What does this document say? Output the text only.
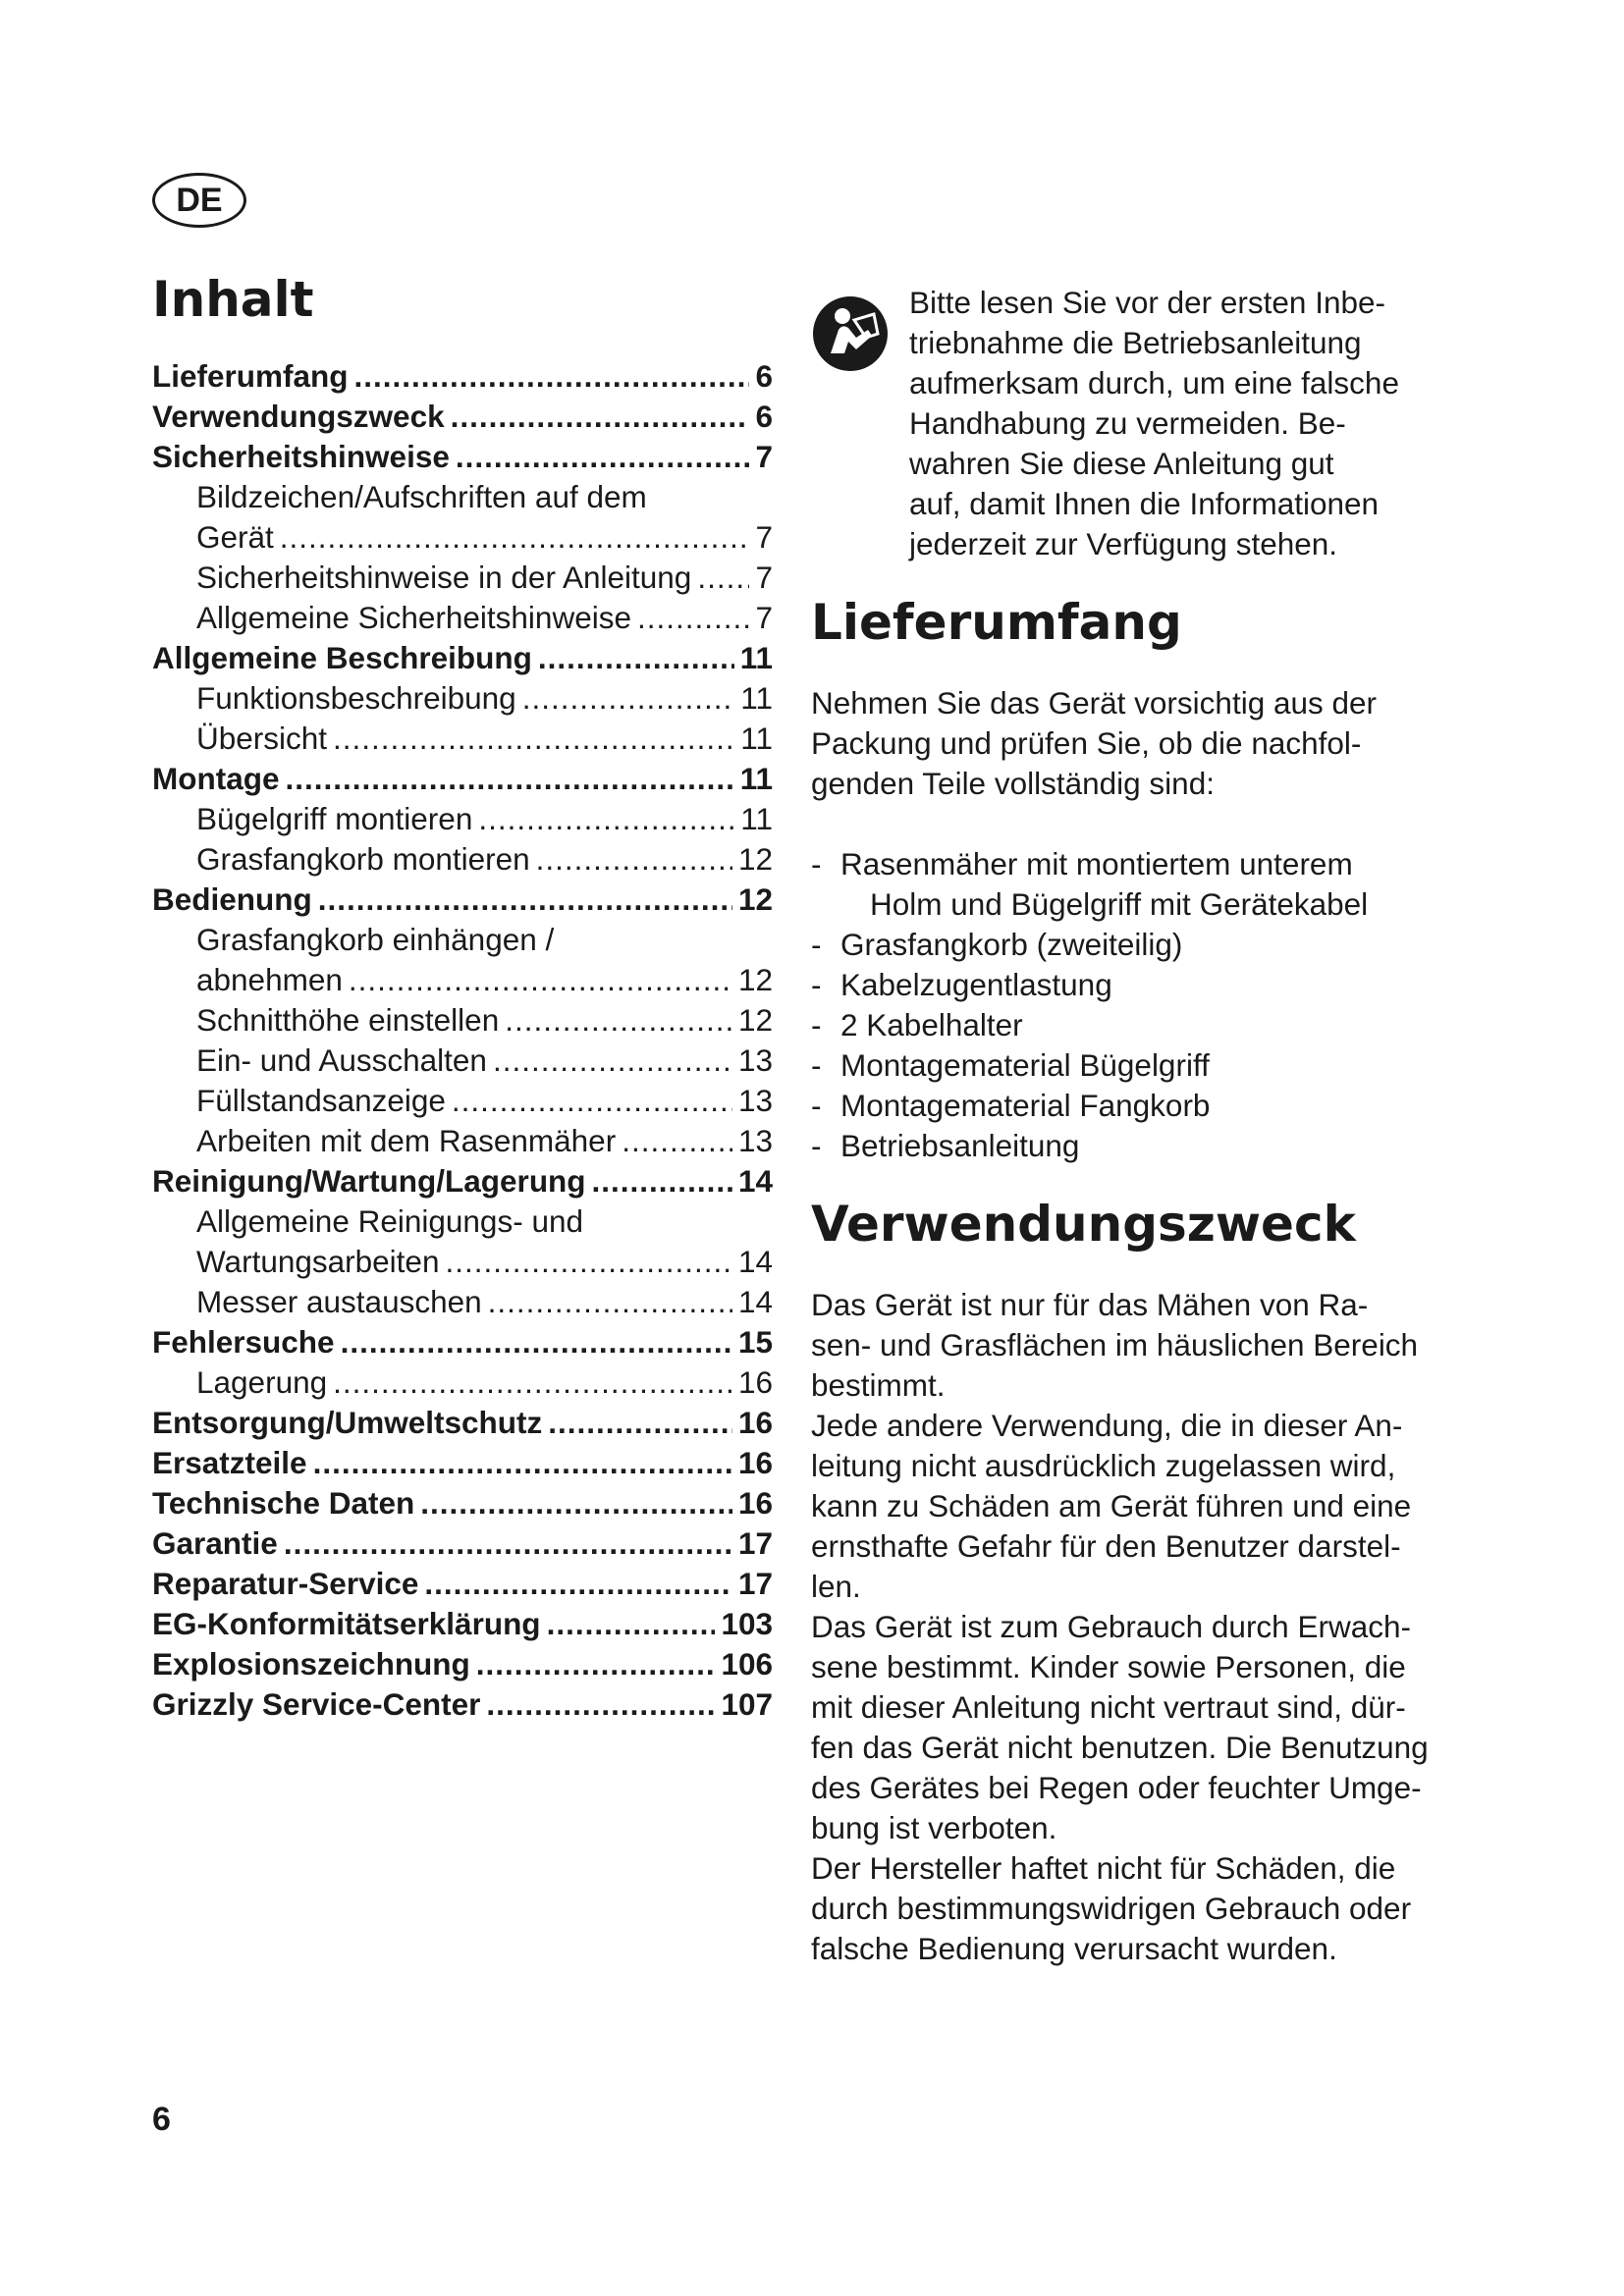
DE
Inhalt
Lieferumfang .....	6
Verwendungszweck .....	6
Sicherheitshinweise .....	7
Bildzeichen/Aufschriften auf dem
Gerät .....	7
Sicherheitshinweise in der Anleitung ..... 7
Allgemeine Sicherheitshinweise .....	7
Allgemeine Beschreibung .....	11
Funktionsbeschreibung .....	11
Übersicht .....	11
Montage .....	11
Bügelgriff montieren .....	11
Grasfangkorb montieren .....	12
Bedienung .....	12
Grasfangkorb einhängen /
abnehmen .....	12
Schnitthöhe einstellen .....	12
Ein- und Ausschalten .....	13
Füllstandsanzeige .....	13
Arbeiten mit dem Rasenmäher .....	13
Reinigung/Wartung/Lagerung .....	14
Allgemeine Reinigungs- und
Wartungsarbeiten .....	14
Messer austauschen .....	14
Fehlersuche .....	15
Lagerung .....	16
Entsorgung/Umweltschutz .....	16
Ersatzteile .....	16
Technische Daten .....	16
Garantie .....	17
Reparatur-Service .....	17
EG-Konformitätserklärung .....	103
Explosionszeichnung .....	106
Grizzly Service-Center .....	107
Bitte lesen Sie vor der ersten Inbe-
triebnahme die Betriebsanleitung
aufmerksam durch, um eine falsche
Handhabung zu vermeiden. Be-
wahren Sie diese Anleitung gut
auf, damit Ihnen die Informationen
jederzeit zur Verfügung stehen.
Lieferumfang
Nehmen Sie das Gerät vorsichtig aus der
Packung und prüfen Sie, ob die nachfol-
genden Teile vollständig sind:
- Rasenmäher mit montiertem unterem
Holm und Bügelgriff mit Gerätekabel
- Grasfangkorb (zweiteilig)
- Kabelzugentlastung
- 2 Kabelhalter
- Montagematerial Bügelgriff
- Montagematerial Fangkorb
- Betriebsanleitung
Verwendungszweck
Das Gerät ist nur für das Mähen von Ra-
sen- und Grasflächen im häuslichen Bereich
bestimmt.
Jede andere Verwendung, die in dieser An-
leitung nicht ausdrücklich zugelassen wird,
kann zu Schäden am Gerät führen und eine
ernsthafte Gefahr für den Benutzer darstel-
len.
Das Gerät ist zum Gebrauch durch Erwach-
sene bestimmt. Kinder sowie Personen, die
mit dieser Anleitung nicht vertraut sind, dür-
fen das Gerät nicht benutzen. Die Benutzung
des Gerätes bei Regen oder feuchter Umge-
bung ist verboten.
Der Hersteller haftet nicht für Schäden, die
durch bestimmungswidrigen Gebrauch oder
falsche Bedienung verursacht wurden.
6
